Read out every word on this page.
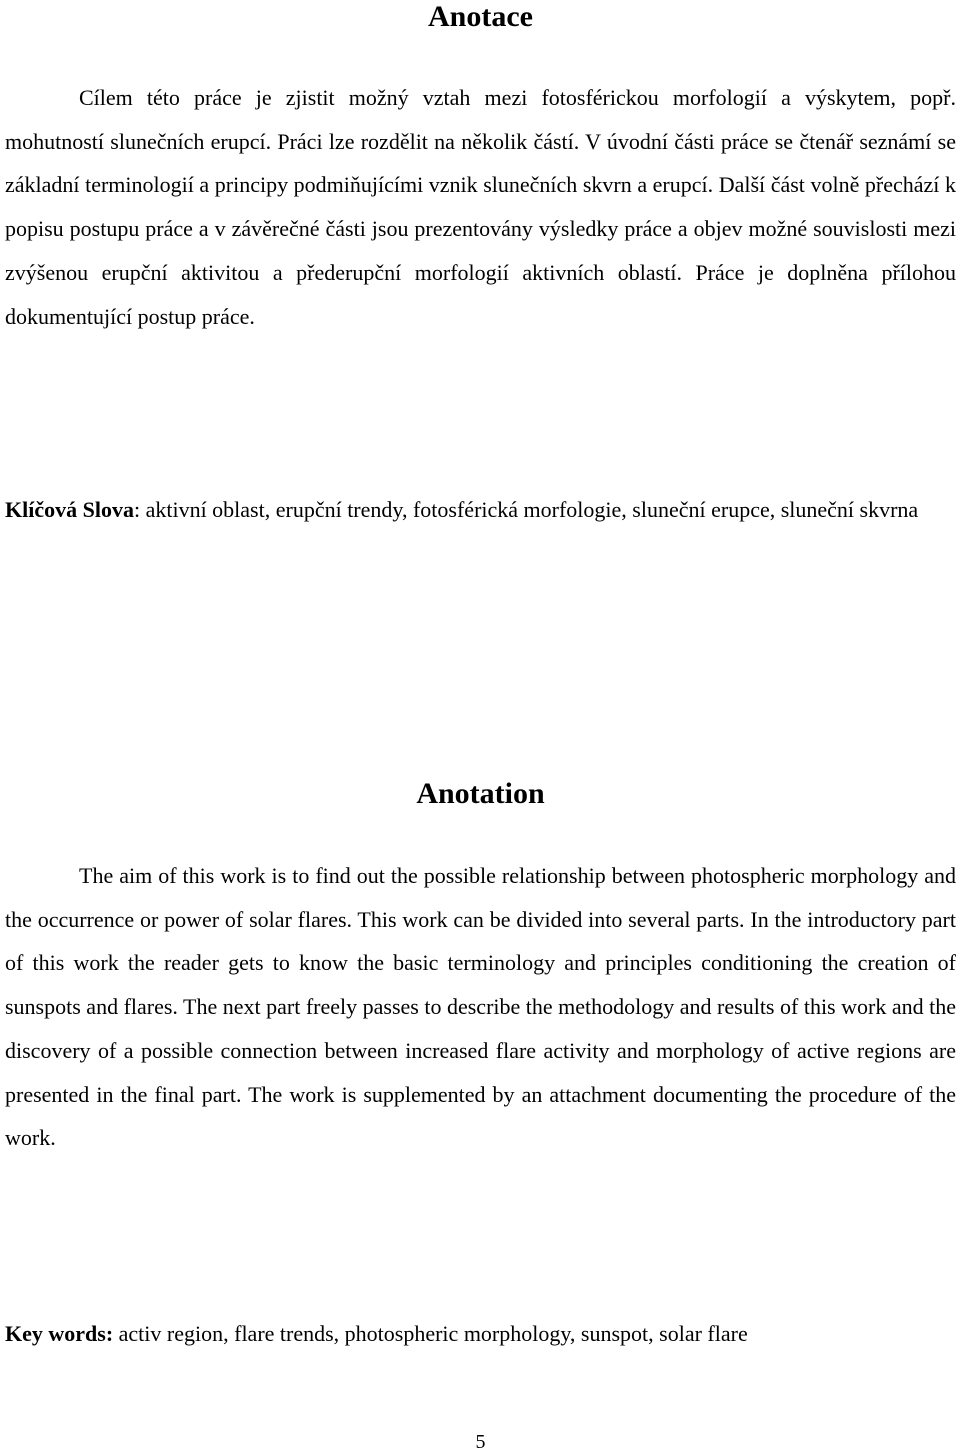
Anotace

Cílem této práce je zjistit možný vztah mezi fotosférickou morfologií a výskytem, popř. mohutností slunečních erupcí. Práci lze rozdělit na několik částí. V úvodní části práce se čtenář seznámí se základní terminologií a principy podmiňujícími vznik slunečních skvrn a erupcí. Další část volně přechází k popisu postupu práce a v závěrečné části jsou prezentovány výsledky práce a objev možné souvislosti mezi zvýšenou erupční aktivitou a přederupční morfologií aktivních oblastí. Práce je doplněna přílohou dokumentující postup práce.

Klíčová Slova: aktivní oblast, erupční trendy, fotosférická morfologie, sluneční erupce, sluneční skvrna

Anotation

The aim of this work is to find out the possible relationship between photospheric morphology and the occurrence or power of solar flares. This work can be divided into several parts. In the introductory part of this work the reader gets to know the basic terminology and principles conditioning the creation of sunspots and flares. The next part freely passes to describe the methodology and results of this work and the discovery of a possible connection between increased flare activity and morphology of active regions are presented in the final part. The work is supplemented by an attachment documenting the procedure of the work.

Key words: activ region, flare trends, photospheric morphology, sunspot, solar flare

5
